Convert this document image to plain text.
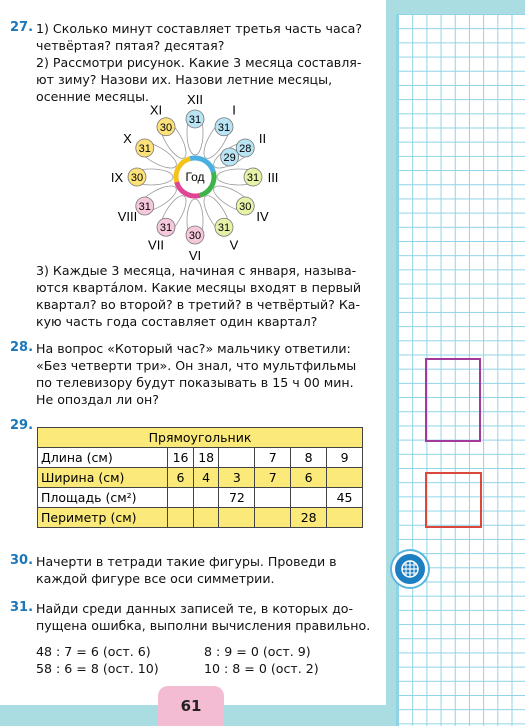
27. 1) Сколько минут составляет третья часть часа?
четвёртая? пятая? десятая?
2) Рассмотри рисунок. Какие 3 месяца составля-
ют зиму? Назови их. Назови летние месяцы,
осенние месяцы.
Год
31
I
28
29
II
31 III
30
IV
31
V
30
VI
31
VII
31
VIII
30
IX
31
X
30
XI
31
XII
3) Каждые 3 месяца, начиная с января, называ-
ются квартáлом. Какие месяцы входят в первый
квартал? во второй? в третий? в четвёртый? Ка-
кую часть года составляет один квартал?
28. На вопрос «Который час?» мальчику ответили:
«Без четверти три». Он знал, что мультфильмы
по телевизору будут показывать в 15 ч 00 мин.
Не опоздал ли он?
29.
Прямоугольник						
Длина (см)	16	18		7	8	9
Ширина (см)	6	4	3	7	6	
Площадь (см²)			72			45
Периметр (см)					28	
30. Начерти в тетради такие фигуры. Проведи в
каждой фигуре все оси симметрии.
31. Найди среди данных записей те, в которых до-
пущена ошибка, выполни вычисления правильно.
48 : 7 = 6 (ост. 6)
58 : 6 = 8 (ост. 10)
8 : 9 = 0 (ост. 9)
10 : 8 = 0 (ост. 2)
61
